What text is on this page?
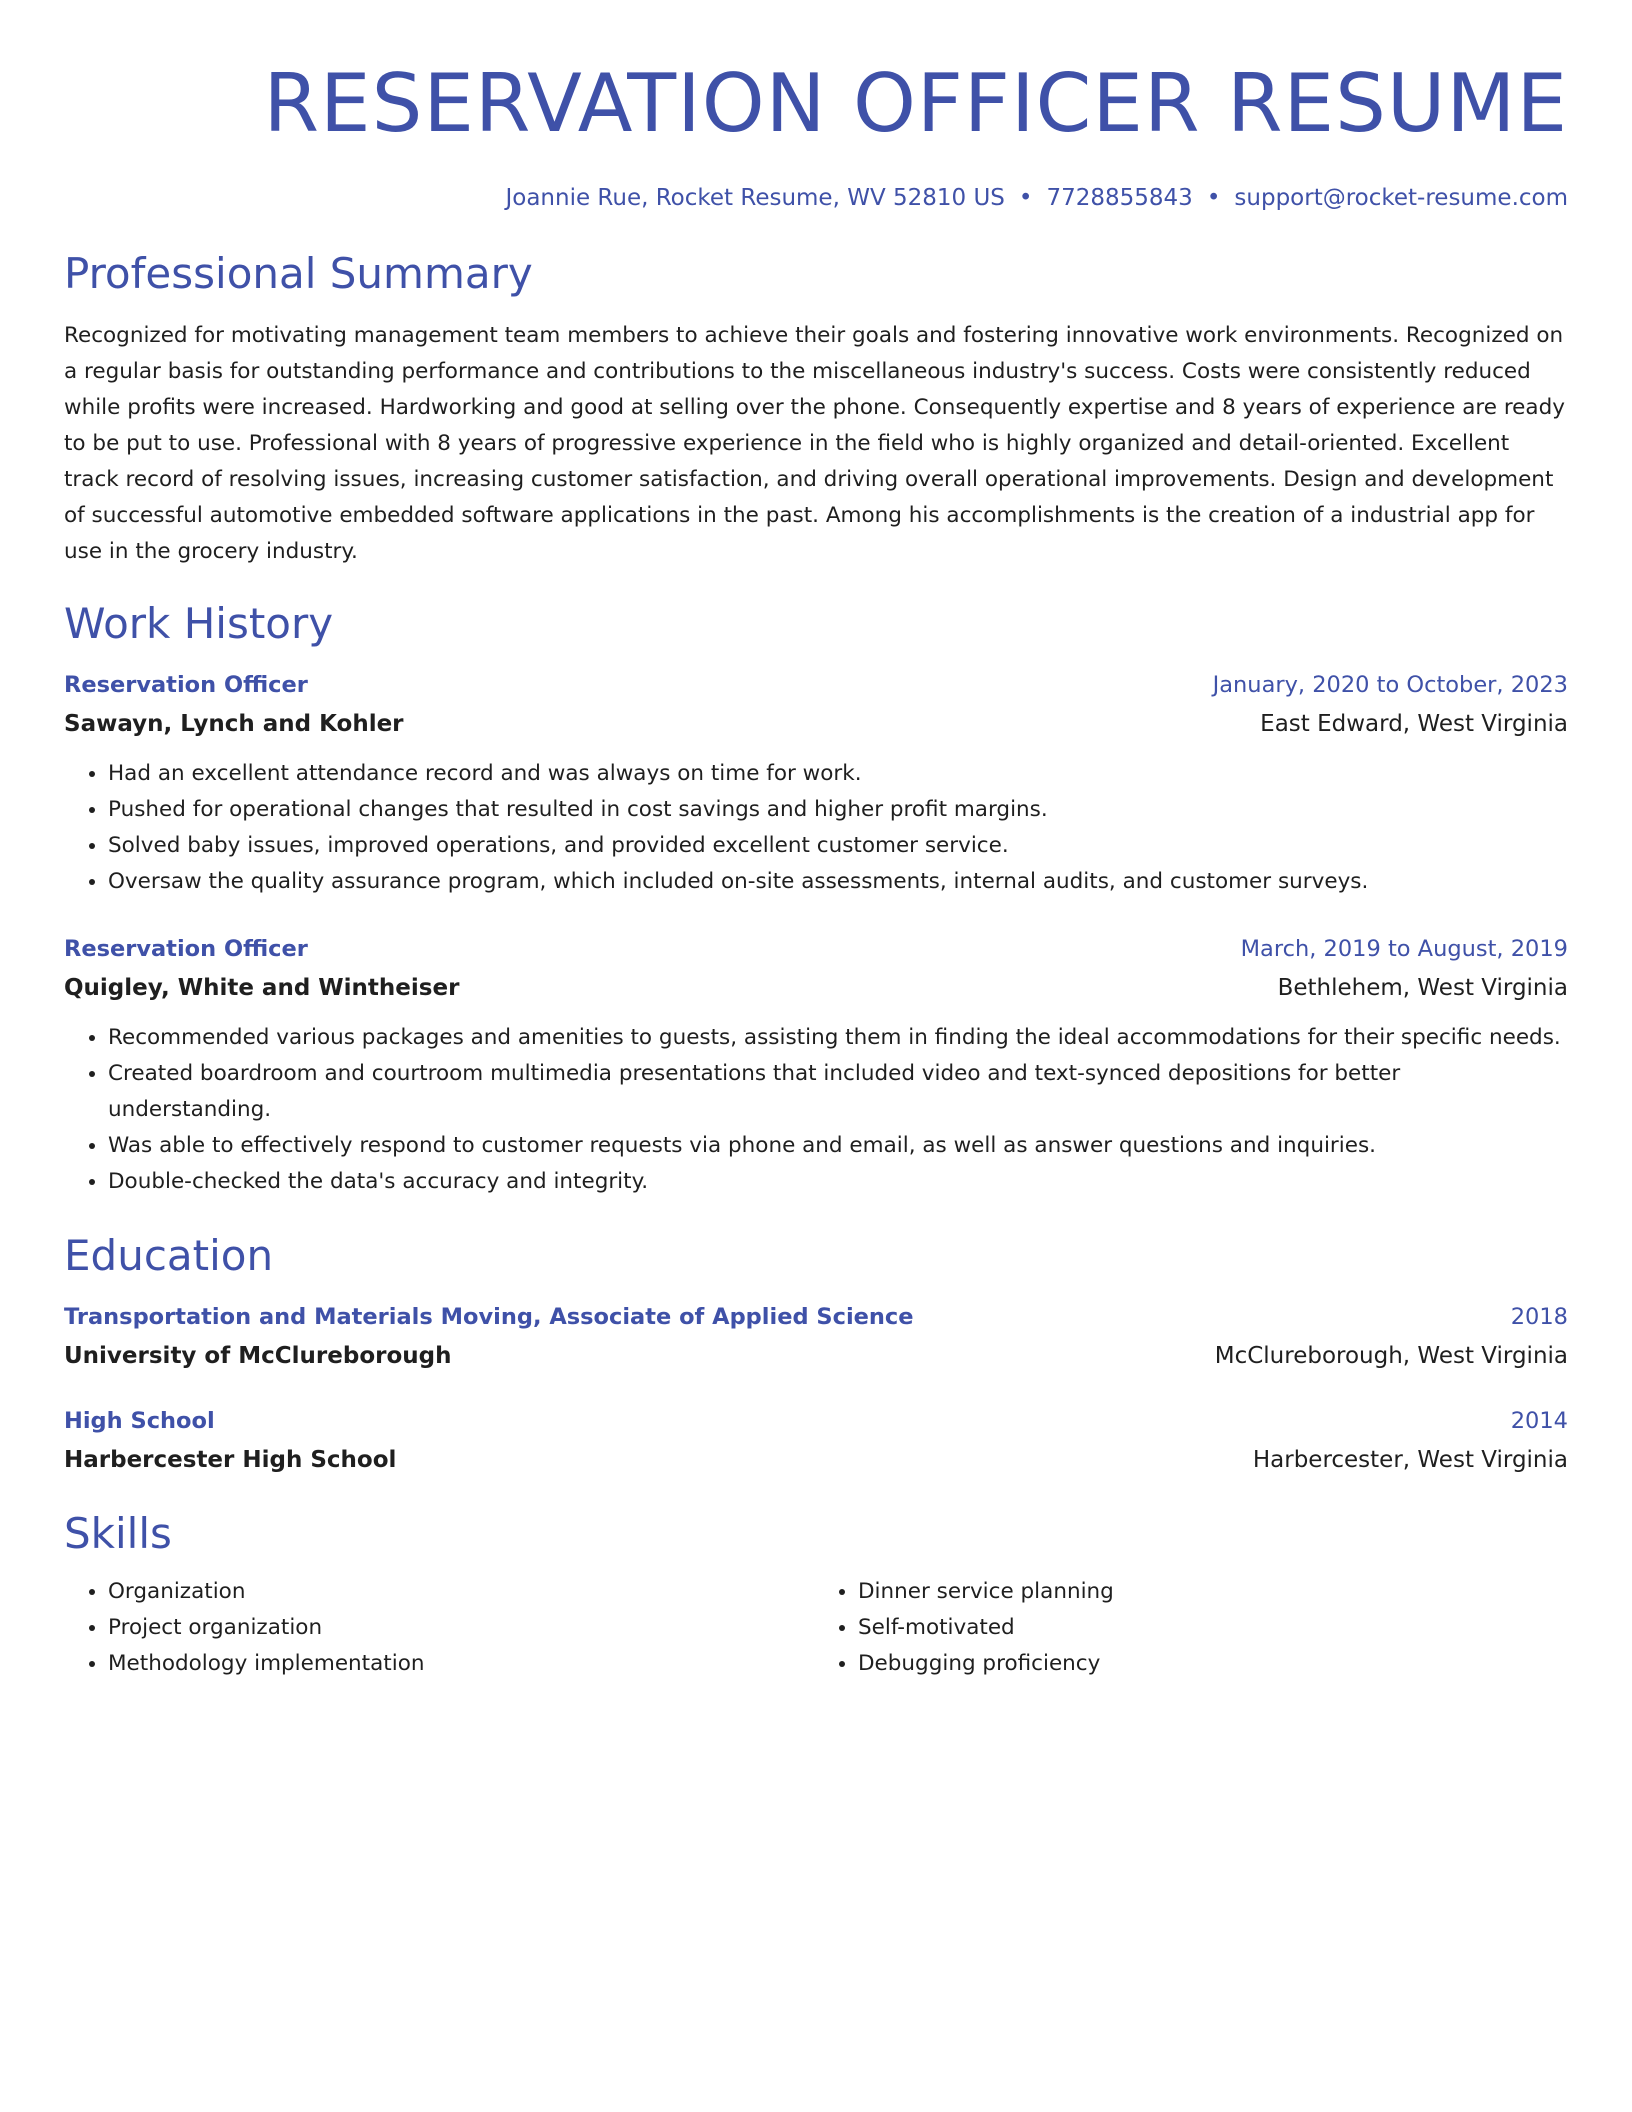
RESERVATION OFFICER RESUME
Joannie Rue, Rocket Resume, WV 52810 US • 7728855843 • support@rocket-resume.com
Professional Summary

Recognized for motivating management team members to achieve their goals and fostering innovative work environments. Recognized on a regular basis for outstanding performance and contributions to the miscellaneous industry's success. Costs were consistently reduced while profits were increased. Hardworking and good at selling over the phone. Consequently expertise and 8 years of experience are ready to be put to use. Professional with 8 years of progressive experience in the field who is highly organized and detail-oriented. Excellent track record of resolving issues, increasing customer satisfaction, and driving overall operational improvements. Design and development of successful automotive embedded software applications in the past. Among his accomplishments is the creation of a industrial app for use in the grocery industry.

Work History
Reservation Officer	January, 2020 to October, 2023
Sawayn, Lynch and Kohler	East Edward, West Virginia
• Had an excellent attendance record and was always on time for work.
• Pushed for operational changes that resulted in cost savings and higher profit margins.
• Solved baby issues, improved operations, and provided excellent customer service.
• Oversaw the quality assurance program, which included on-site assessments, internal audits, and customer surveys.
Reservation Officer	March, 2019 to August, 2019
Quigley, White and Wintheiser	Bethlehem, West Virginia
• Recommended various packages and amenities to guests, assisting them in finding the ideal accommodations for their specific needs.
• Created boardroom and courtroom multimedia presentations that included video and text-synced depositions for better understanding.
• Was able to effectively respond to customer requests via phone and email, as well as answer questions and inquiries.
• Double-checked the data's accuracy and integrity.
Education
Transportation and Materials Moving, Associate of Applied Science	2018
University of McClureborough	McClureborough, West Virginia
High School	2014
Harbercester High School	Harbercester, West Virginia
Skills
• Organization
• Project organization
• Methodology implementation
• Dinner service planning
• Self-motivated
• Debugging proficiency
